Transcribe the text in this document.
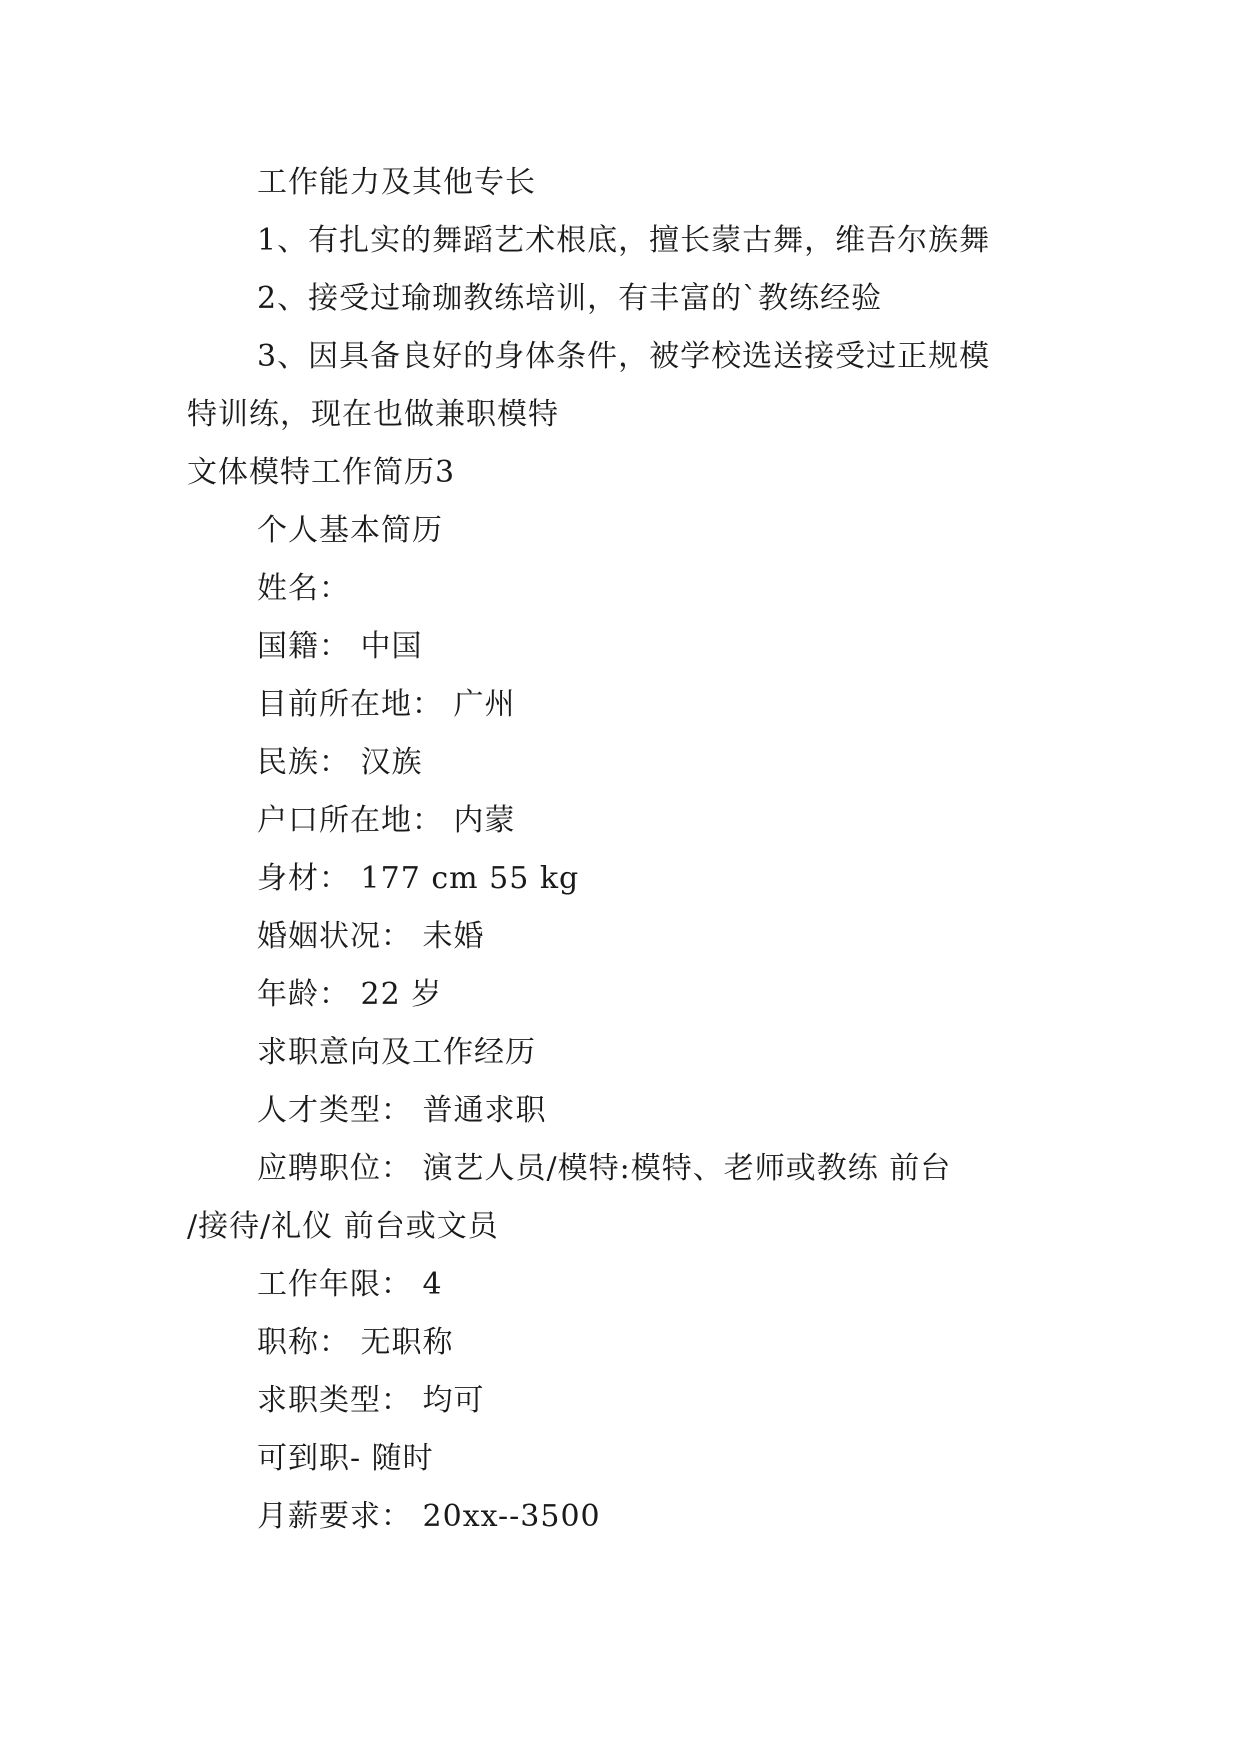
工作能力及其他专长
1、有扎实的舞蹈艺术根底，擅长蒙古舞，维吾尔族舞
2、接受过瑜珈教练培训，有丰富的`教练经验
3、因具备良好的身体条件，被学校选送接受过正规模
特训练，现在也做兼职模特
文体模特工作简历3
个人基本简历
姓名：
国籍： 中国
目前所在地： 广州
民族： 汉族
户口所在地： 内蒙
身材： 177 cm 55 kg
婚姻状况： 未婚
年龄： 22 岁
求职意向及工作经历
人才类型： 普通求职
应聘职位： 演艺人员/模特:模特、老师或教练 前台
/接待/礼仪 前台或文员
工作年限： 4
职称： 无职称
求职类型： 均可
可到职- 随时
月薪要求： 20xx--3500
